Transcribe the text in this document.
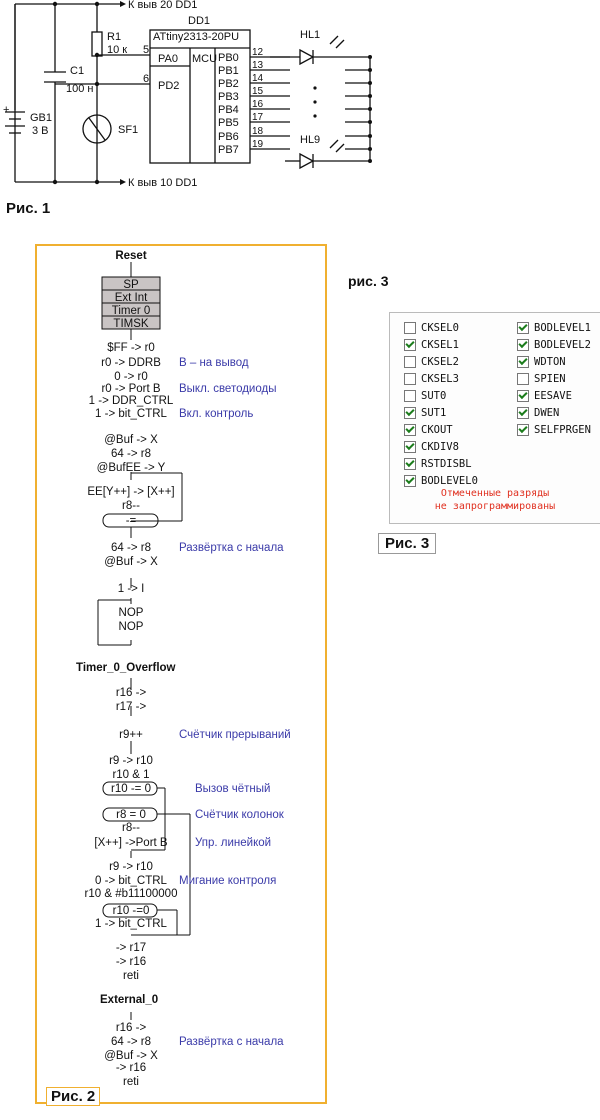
К выв 20 DD1
К выв 10 DD1
+
GB1
3 В
C1
100 н
R1
10 к
SF1
DD1
ATtiny2313-20PU
PA0 MCU
PD2
5
6
HL1
HL9
PB0 12
PB1 13
PB2 14
PB3 15
PB4 16
PB5 17
PB6 18
PB7 19
Рис. 1
Reset
SP
Ext Int
Timer 0
TIMSK
$FF -> r0
r0 -> DDRB
0 -> r0
r0 -> Port B
1 -> DDR_CTRL
1 -> bit_CTRL
@Buf -> X
64 -> r8
@BufEE -> Y
EE[Y++] -> [X++]
r8--
-=
64 -> r8
@Buf -> X
1 -> I
NOP
NOP
r16 ->
r17 ->
r9++
r9 -> r10
r10 & 1
r10 -= 0
r8 = 0
r8--
[X++] ->Port B
r9 -> r10
0 -> bit_CTRL
r10 & #b11100000
r10 -=0
1 -> bit_CTRL
-> r17
-> r16
reti
r16 ->
64 -> r8
@Buf -> X
-> r16
reti
Timer_0_Overflow
External_0
В – на вывод
Выкл. светодиоды
Вкл. контроль
Развёртка с начала
Счётчик прерываний
Вызов чётный
Счётчик колонок
Упр. линейкой
Мигание контроля
Развёртка с начала
Рис. 2
рис. 3
CKSEL0
CKSEL1
CKSEL2
CKSEL3
SUT0
SUT1
CKOUT
CKDIV8
RSTDISBL
BODLEVEL0
BODLEVEL1
BODLEVEL2
WDTON
SPIEN
EESAVE
DWEN
SELFPRGEN
Отмеченные разряды
не запрограммированы
Рис. 3
